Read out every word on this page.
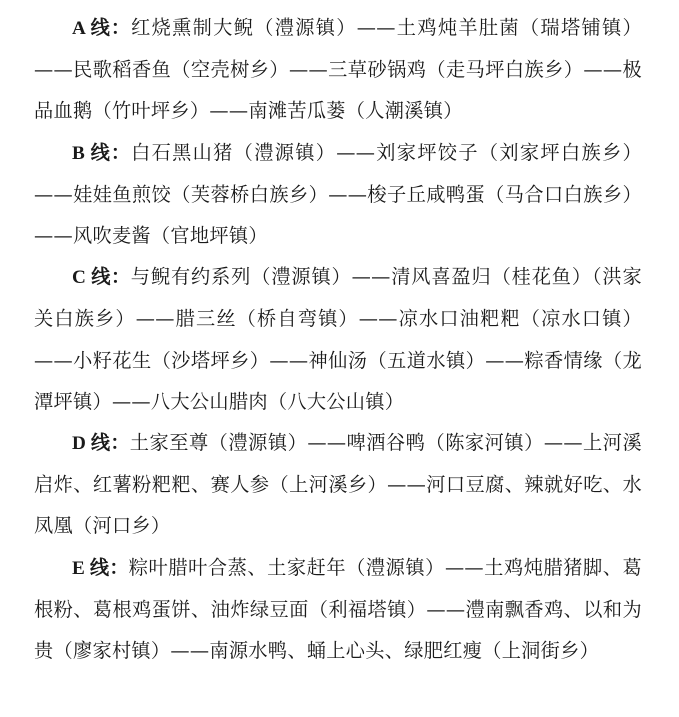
A 线：红烧熏制大鲵（澧源镇）——土鸡炖羊肚菌（瑞塔铺镇）——民歌稻香鱼（空壳树乡）——三草砂锅鸡（走马坪白族乡）——极品血鹅（竹叶坪乡）——南滩苦瓜蒌（人潮溪镇）

B 线：白石黑山猪（澧源镇）——刘家坪饺子（刘家坪白族乡）——娃娃鱼煎饺（芙蓉桥白族乡）——梭子丘咸鸭蛋（马合口白族乡）——风吹麦酱（官地坪镇）

C 线：与鲵有约系列（澧源镇）——清风喜盈归（桂花鱼）（洪家关白族乡）——腊三丝（桥自弯镇）——凉水口油粑粑（凉水口镇）——小籽花生（沙塔坪乡）——神仙汤（五道水镇）——粽香情缘（龙潭坪镇）——八大公山腊肉（八大公山镇）

D 线：土家至尊（澧源镇）——啤酒谷鸭（陈家河镇）——上河溪启炸、红薯粉粑粑、赛人参（上河溪乡）——河口豆腐、辣就好吃、水凤凰（河口乡）

E 线：粽叶腊叶合蒸、土家赶年（澧源镇）——土鸡炖腊猪脚、葛根粉、葛根鸡蛋饼、油炸绿豆面（利福塔镇）——澧南飘香鸡、以和为贵（廖家村镇）——南源水鸭、蛹上心头、绿肥红瘦（上洞街乡）
